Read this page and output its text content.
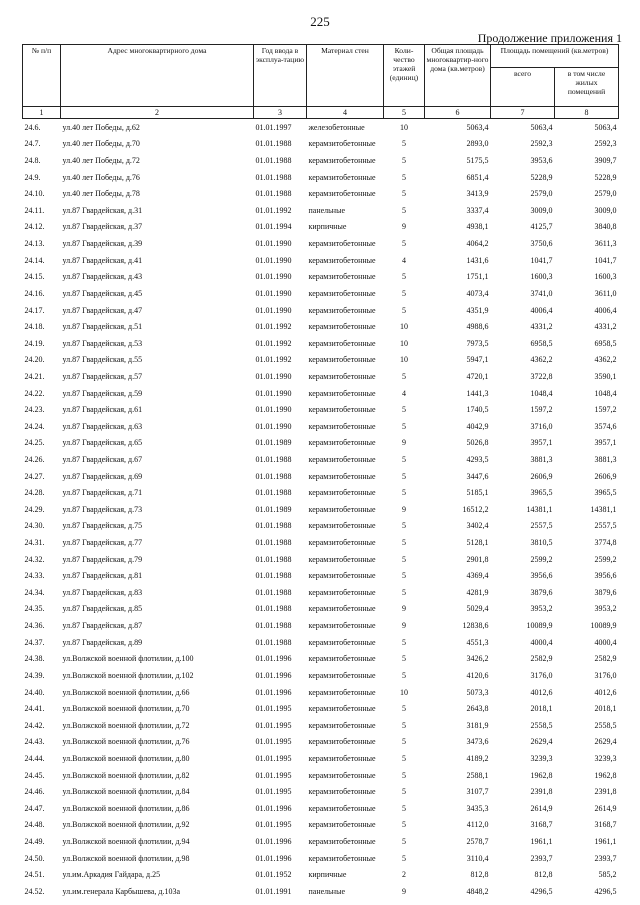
225
Продолжение приложения 1
№ п/п	Адрес многоквартирного дома	Год ввода в эксплуа-тацию	Материал стен	Коли-чество этажей (единиц)	Общая площадь многоквартир-ного дома (кв.метров)	Площадь помещений (кв.метров)	
						всего	в том числе жилых помещений
1	2	3	4	5	6	7	8
24.6.	ул.40 лет Победы, д.62	01.01.1997	железобетонные	10	5063,4	5063,4	5063,4
24.7.	ул.40 лет Победы, д.70	01.01.1988	керамзитобетонные	5	2893,0	2592,3	2592,3
24.8.	ул.40 лет Победы, д.72	01.01.1988	керамзитобетонные	5	5175,5	3953,6	3909,7
24.9.	ул.40 лет Победы, д.76	01.01.1988	керамзитобетонные	5	6851,4	5228,9	5228,9
24.10.	ул.40 лет Победы, д.78	01.01.1988	керамзитобетонные	5	3413,9	2579,0	2579,0
24.11.	ул.87 Гвардейская, д.31	01.01.1992	панельные	5	3337,4	3009,0	3009,0
24.12.	ул.87 Гвардейская, д.37	01.01.1994	кирпичные	9	4938,1	4125,7	3840,8
24.13.	ул.87 Гвардейская, д.39	01.01.1990	керамзитобетонные	5	4064,2	3750,6	3611,3
24.14.	ул.87 Гвардейская, д.41	01.01.1990	керамзитобетонные	4	1431,6	1041,7	1041,7
24.15.	ул.87 Гвардейская, д.43	01.01.1990	керамзитобетонные	5	1751,1	1600,3	1600,3
24.16.	ул.87 Гвардейская, д.45	01.01.1990	керамзитобетонные	5	4073,4	3741,0	3611,0
24.17.	ул.87 Гвардейская, д.47	01.01.1990	керамзитобетонные	5	4351,9	4006,4	4006,4
24.18.	ул.87 Гвардейская, д.51	01.01.1992	керамзитобетонные	10	4988,6	4331,2	4331,2
24.19.	ул.87 Гвардейская, д.53	01.01.1992	керамзитобетонные	10	7973,5	6958,5	6958,5
24.20.	ул.87 Гвардейская, д.55	01.01.1992	керамзитобетонные	10	5947,1	4362,2	4362,2
24.21.	ул.87 Гвардейская, д.57	01.01.1990	керамзитобетонные	5	4720,1	3722,8	3590,1
24.22.	ул.87 Гвардейская, д.59	01.01.1990	керамзитобетонные	4	1441,3	1048,4	1048,4
24.23.	ул.87 Гвардейская, д.61	01.01.1990	керамзитобетонные	5	1740,5	1597,2	1597,2
24.24.	ул.87 Гвардейская, д.63	01.01.1990	керамзитобетонные	5	4042,9	3716,0	3574,6
24.25.	ул.87 Гвардейская, д.65	01.01.1989	керамзитобетонные	9	5026,8	3957,1	3957,1
24.26.	ул.87 Гвардейская, д.67	01.01.1988	керамзитобетонные	5	4293,5	3881,3	3881,3
24.27.	ул.87 Гвардейская, д.69	01.01.1988	керамзитобетонные	5	3447,6	2606,9	2606,9
24.28.	ул.87 Гвардейская, д.71	01.01.1988	керамзитобетонные	5	5185,1	3965,5	3965,5
24.29.	ул.87 Гвардейская, д.73	01.01.1989	керамзитобетонные	9	16512,2	14381,1	14381,1
24.30.	ул.87 Гвардейская, д.75	01.01.1988	керамзитобетонные	5	3402,4	2557,5	2557,5
24.31.	ул.87 Гвардейская, д.77	01.01.1988	керамзитобетонные	5	5128,1	3810,5	3774,8
24.32.	ул.87 Гвардейская, д.79	01.01.1988	керамзитобетонные	5	2901,8	2599,2	2599,2
24.33.	ул.87 Гвардейская, д.81	01.01.1988	керамзитобетонные	5	4369,4	3956,6	3956,6
24.34.	ул.87 Гвардейская, д.83	01.01.1988	керамзитобетонные	5	4281,9	3879,6	3879,6
24.35.	ул.87 Гвардейская, д.85	01.01.1988	керамзитобетонные	9	5029,4	3953,2	3953,2
24.36.	ул.87 Гвардейская, д.87	01.01.1988	керамзитобетонные	9	12838,6	10089,9	10089,9
24.37.	ул.87 Гвардейская, д.89	01.01.1988	керамзитобетонные	5	4551,3	4000,4	4000,4
24.38.	ул.Волжской военной флотилии, д.100	01.01.1996	керамзитобетонные	5	3426,2	2582,9	2582,9
24.39.	ул.Волжской военной флотилии, д.102	01.01.1996	керамзитобетонные	5	4120,6	3176,0	3176,0
24.40.	ул.Волжской военной флотилии, д.66	01.01.1996	керамзитобетонные	10	5073,3	4012,6	4012,6
24.41.	ул.Волжской военной флотилии, д.70	01.01.1995	керамзитобетонные	5	2643,8	2018,1	2018,1
24.42.	ул.Волжской военной флотилии, д.72	01.01.1995	керамзитобетонные	5	3181,9	2558,5	2558,5
24.43.	ул.Волжской военной флотилии, д.76	01.01.1995	керамзитобетонные	5	3473,6	2629,4	2629,4
24.44.	ул.Волжской военной флотилии, д.80	01.01.1995	керамзитобетонные	5	4189,2	3239,3	3239,3
24.45.	ул.Волжской военной флотилии, д.82	01.01.1995	керамзитобетонные	5	2588,1	1962,8	1962,8
24.46.	ул.Волжской военной флотилии, д.84	01.01.1995	керамзитобетонные	5	3107,7	2391,8	2391,8
24.47.	ул.Волжской военной флотилии, д.86	01.01.1996	керамзитобетонные	5	3435,3	2614,9	2614,9
24.48.	ул.Волжской военной флотилии, д.92	01.01.1995	керамзитобетонные	5	4112,0	3168,7	3168,7
24.49.	ул.Волжской военной флотилии, д.94	01.01.1996	керамзитобетонные	5	2578,7	1961,1	1961,1
24.50.	ул.Волжской военной флотилии, д.98	01.01.1996	керамзитобетонные	5	3110,4	2393,7	2393,7
24.51.	ул.им.Аркадия Гайдара, д.25	01.01.1952	кирпичные	2	812,8	812,8	585,2
24.52.	ул.им.генерала Карбышева, д.103а	01.01.1991	панельные	9	4848,2	4296,5	4296,5
